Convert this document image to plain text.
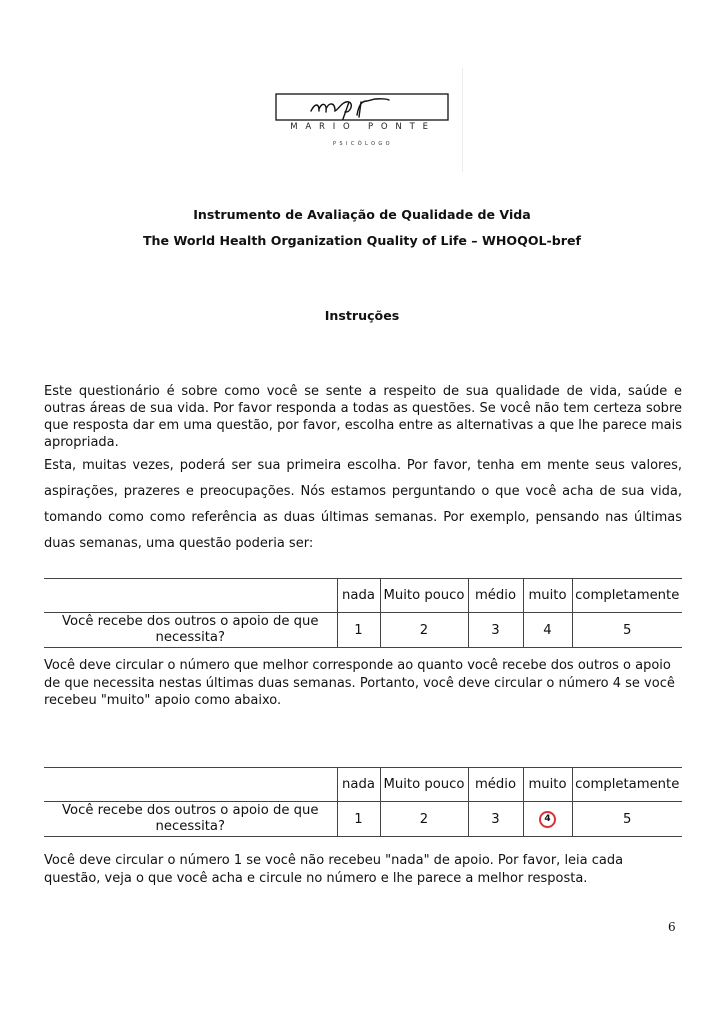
MARIO PONTE
PSICÓLOGO
Instrumento de Avaliação de Qualidade de Vida
The World Health Organization Quality of Life – WHOQOL-bref
Instruções
Este questionário é sobre como você se sente a respeito de sua qualidade de vida, saúde e outras áreas de sua vida. Por favor responda a todas as questões. Se você não tem certeza sobre que resposta dar em uma questão, por favor, escolha entre as alternativas a que lhe parece mais apropriada.
Esta, muitas vezes, poderá ser sua primeira escolha. Por favor, tenha em mente seus valores, aspirações, prazeres e preocupações. Nós estamos perguntando o que você acha de sua vida, tomando como como referência as duas últimas semanas. Por exemplo, pensando nas últimas duas semanas, uma questão poderia ser:
	nada	Muito pouco	médio	muito	completamente
Você recebe dos outros o apoio de que necessita?	1	2	3	4	5
Você deve circular o número que melhor corresponde ao quanto você recebe dos outros o apoio de que necessita nestas últimas duas semanas. Portanto, você deve circular o número 4 se você recebeu "muito" apoio como abaixo.
	nada	Muito pouco	médio	muito	completamente
Você recebe dos outros o apoio de que necessita?	1	2	3	4	5
Você deve circular o número 1 se você não recebeu "nada" de apoio. Por favor, leia cada questão, veja o que você acha e circule no número e lhe parece a melhor resposta.
6
